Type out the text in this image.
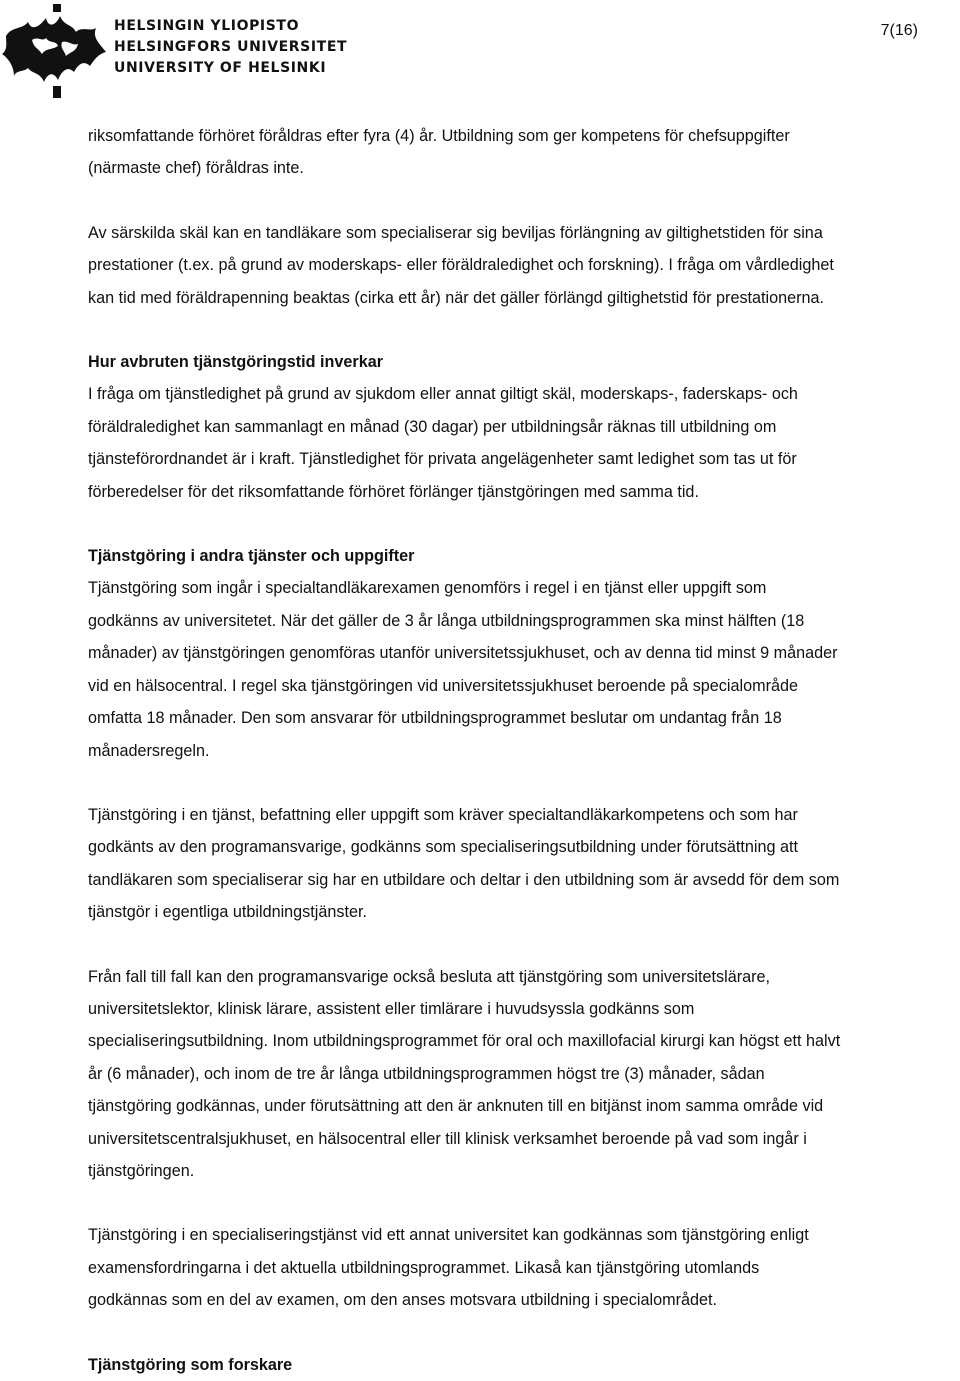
HELSINGIN YLIOPISTO
HELSINGFORS UNIVERSITET
UNIVERSITY OF HELSINKI
7(16)

riksomfattande förhöret föråldras efter fyra (4) år. Utbildning som ger kompetens för chefsuppgifter

(närmaste chef) föråldras inte.

Av särskilda skäl kan en tandläkare som specialiserar sig beviljas förlängning av giltighetstiden för sina

prestationer (t.ex. på grund av moderskaps- eller föräldraledighet och forskning). I fråga om vårdledighet

kan tid med föräldrapenning beaktas (cirka ett år) när det gäller förlängd giltighetstid för prestationerna.

Hur avbruten tjänstgöringstid inverkar

I fråga om tjänstledighet på grund av sjukdom eller annat giltigt skäl, moderskaps-, faderskaps- och

föräldraledighet kan sammanlagt en månad (30 dagar) per utbildningsår räknas till utbildning om

tjänsteförordnandet är i kraft. Tjänstledighet för privata angelägenheter samt ledighet som tas ut för

förberedelser för det riksomfattande förhöret förlänger tjänstgöringen med samma tid.

Tjänstgöring i andra tjänster och uppgifter

Tjänstgöring som ingår i specialtandläkarexamen genomförs i regel i en tjänst eller uppgift som

godkänns av universitetet. När det gäller de 3 år långa utbildningsprogrammen ska minst hälften (18

månader) av tjänstgöringen genomföras utanför universitetssjukhuset, och av denna tid minst 9 månader

vid en hälsocentral. I regel ska tjänstgöringen vid universitetssjukhuset beroende på specialområde

omfatta 18 månader. Den som ansvarar för utbildningsprogrammet beslutar om undantag från 18

månadersregeln.

Tjänstgöring i en tjänst, befattning eller uppgift som kräver specialtandläkarkompetens och som har

godkänts av den programansvarige, godkänns som specialiseringsutbildning under förutsättning att

tandläkaren som specialiserar sig har en utbildare och deltar i den utbildning som är avsedd för dem som

tjänstgör i egentliga utbildningstjänster.

Från fall till fall kan den programansvarige också besluta att tjänstgöring som universitetslärare,

universitetslektor, klinisk lärare, assistent eller timlärare i huvudsyssla godkänns som

specialiseringsutbildning. Inom utbildningsprogrammet för oral och maxillofacial kirurgi kan högst ett halvt

år (6 månader), och inom de tre år långa utbildningsprogrammen högst tre (3) månader, sådan

tjänstgöring godkännas, under förutsättning att den är anknuten till en bitjänst inom samma område vid

universitetscentralsjukhuset, en hälsocentral eller till klinisk verksamhet beroende på vad som ingår i

tjänstgöringen.

Tjänstgöring i en specialiseringstjänst vid ett annat universitet kan godkännas som tjänstgöring enligt

examensfordringarna i det aktuella utbildningsprogrammet. Likaså kan tjänstgöring utomlands

godkännas som en del av examen, om den anses motsvara utbildning i specialområdet.

Tjänstgöring som forskare
